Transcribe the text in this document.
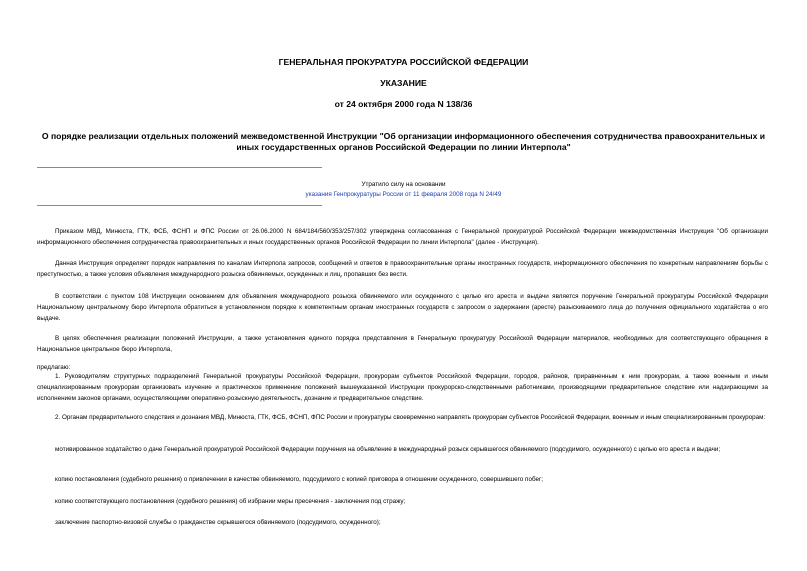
ГЕНЕРАЛЬНАЯ ПРОКУРАТУРА РОССИЙСКОЙ ФЕДЕРАЦИИ
УКАЗАНИЕ
от 24 октября 2000 года N 138/36
О порядке реализации отдельных положений межведомственной Инструкции "Об организации информационного обеспечения сотрудничества правоохранительных и иных государственных органов Российской Федерации по линии Интерпола"
Утратило силу на основании
указания Генпрокуратуры России от 11 февраля 2008 года N 24/49
Приказом МВД, Минюста, ГТК, ФСБ, ФСНП и ФПС России от 26.06.2000 N 684/184/560/353/257/302 утверждена согласованная с Генеральной прокуратурой Российской Федерации межведомственная Инструкция "Об организации информационного обеспечения сотрудничества правоохранительных и иных государственных органов Российской Федерации по линии Интерпола" (далее - Инструкция).
Данная Инструкция определяет порядок направления по каналам Интерпола запросов, сообщений и ответов в правоохранительные органы иностранных государств, информационного обеспечения по конкретным направлениям борьбы с преступностью, а также условия объявления международного розыска обвиняемых, осужденных и лиц, пропавших без вести.
В соответствии с пунктом 108 Инструкции основанием для объявления международного розыска обвиняемого или осужденного с целью его ареста и выдачи является поручение Генеральной прокуратуры Российской Федерации Национальному центральному бюро Интерпола обратиться в установленном порядке к компетентным органам иностранных государств с запросом о задержании (аресте) разыскиваемого лица до получения официального ходатайства о его выдаче.
В целях обеспечения реализации положений Инструкции, а также установления единого порядка представления в Генеральную прокуратуру Российской Федерации материалов, необходимых для соответствующего обращения в Национальное центральное бюро Интерпола,
предлагаю:
1. Руководителям структурных подразделений Генеральной прокуратуры Российской Федерации, прокурорам субъектов Российской Федерации, городов, районов, приравненным к ним прокурорам, а также военным и иным специализированным прокурорам организовать изучение и практическое применение положений вышеуказанной Инструкции прокурорско-следственными работниками, производящими предварительное следствие или надзирающими за исполнением законов органами, осуществляющими оперативно-розыскную деятельность, дознание и предварительное следствие.
2. Органам предварительного следствия и дознания МВД, Минюста, ГТК, ФСБ, ФСНП, ФПС России и прокуратуры своевременно направлять прокурорам субъектов Российской Федерации, военным и иным специализированным прокурорам:
мотивированное ходатайство о даче Генеральной прокуратурой Российской Федерации поручения на объявление в международный розыск скрывшегося обвиняемого (подсудимого, осужденного) с целью его ареста и выдачи;
копию постановления (судебного решения) о привлечении в качестве обвиняемого, подсудимого с копией приговора в отношении осужденного, совершившего побег;
копию соответствующего постановления (судебного решения) об избрании меры пресечения - заключения под стражу;
заключение паспортно-визовой службы о гражданстве скрывшегося обвиняемого (подсудимого, осужденного);
